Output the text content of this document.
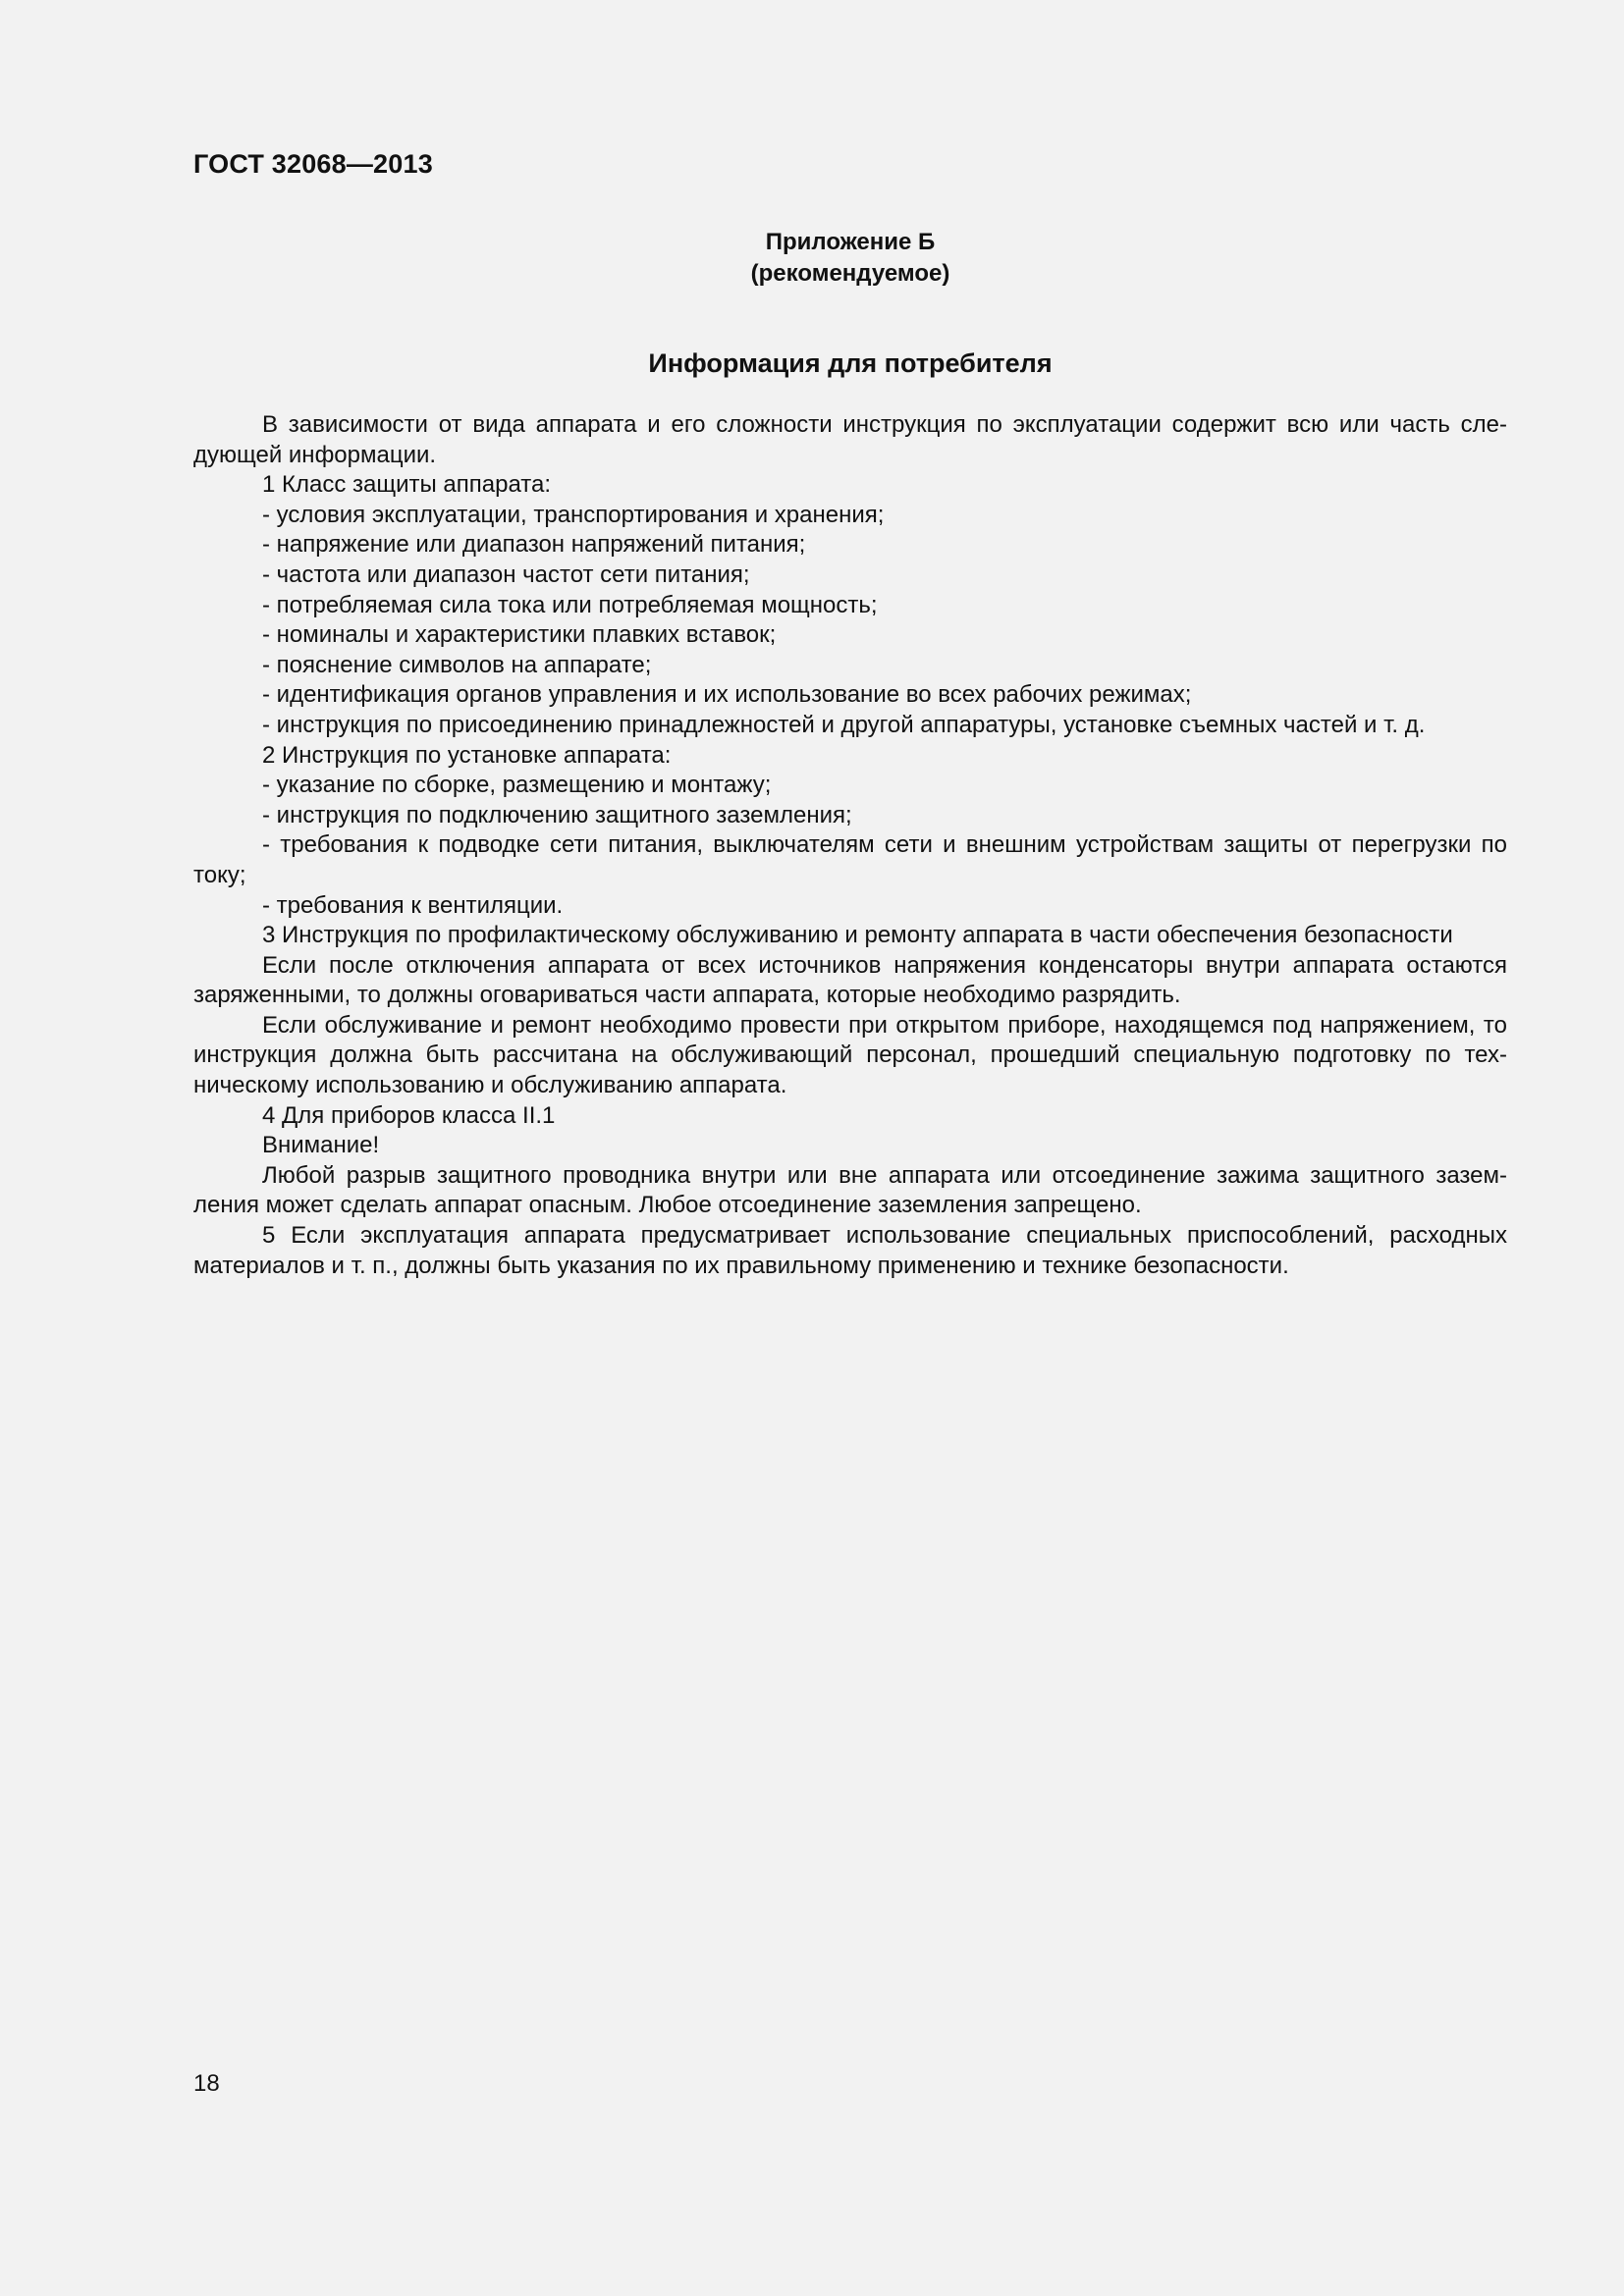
ГОСТ 32068—2013
Приложение Б
(рекомендуемое)
Информация для потребителя

В зависимости от вида аппарата и его сложности инструкция по эксплуатации содержит всю или часть следующей информации.

1 Класс защиты аппарата:

- условия эксплуатации, транспортирования и хранения;

- напряжение или диапазон напряжений питания;

- частота или диапазон частот сети питания;

- потребляемая сила тока или потребляемая мощность;

- номиналы и характеристики плавких вставок;

- пояснение символов на аппарате;

- идентификация органов управления и их использование во всех рабочих режимах;

- инструкция по присоединению принадлежностей и другой аппаратуры, установке съемных частей и т. д.

2 Инструкция по установке аппарата:

- указание по сборке, размещению и монтажу;

- инструкция по подключению защитного заземления;

- требования к подводке сети питания, выключателям сети и внешним устройствам защиты от перегрузки по току;

- требования к вентиляции.

3 Инструкция по профилактическому обслуживанию и ремонту аппарата в части обеспечения безопасности

Если после отключения аппарата от всех источников напряжения конденсаторы внутри аппарата остаются заряженными, то должны оговариваться части аппарата, которые необходимо разрядить.

Если обслуживание и ремонт необходимо провести при открытом приборе, находящемся под напряжением, то инструкция должна быть рассчитана на обслуживающий персонал, прошедший специальную подготовку по техническому использованию и обслуживанию аппарата.

4 Для приборов класса II.1

Внимание!

Любой разрыв защитного проводника внутри или вне аппарата или отсоединение зажима защитного заземления может сделать аппарат опасным. Любое отсоединение заземления запрещено.

5 Если эксплуатация аппарата предусматривает использование специальных приспособлений, расходных материалов и т. п., должны быть указания по их правильному применению и технике безопасности.

18
